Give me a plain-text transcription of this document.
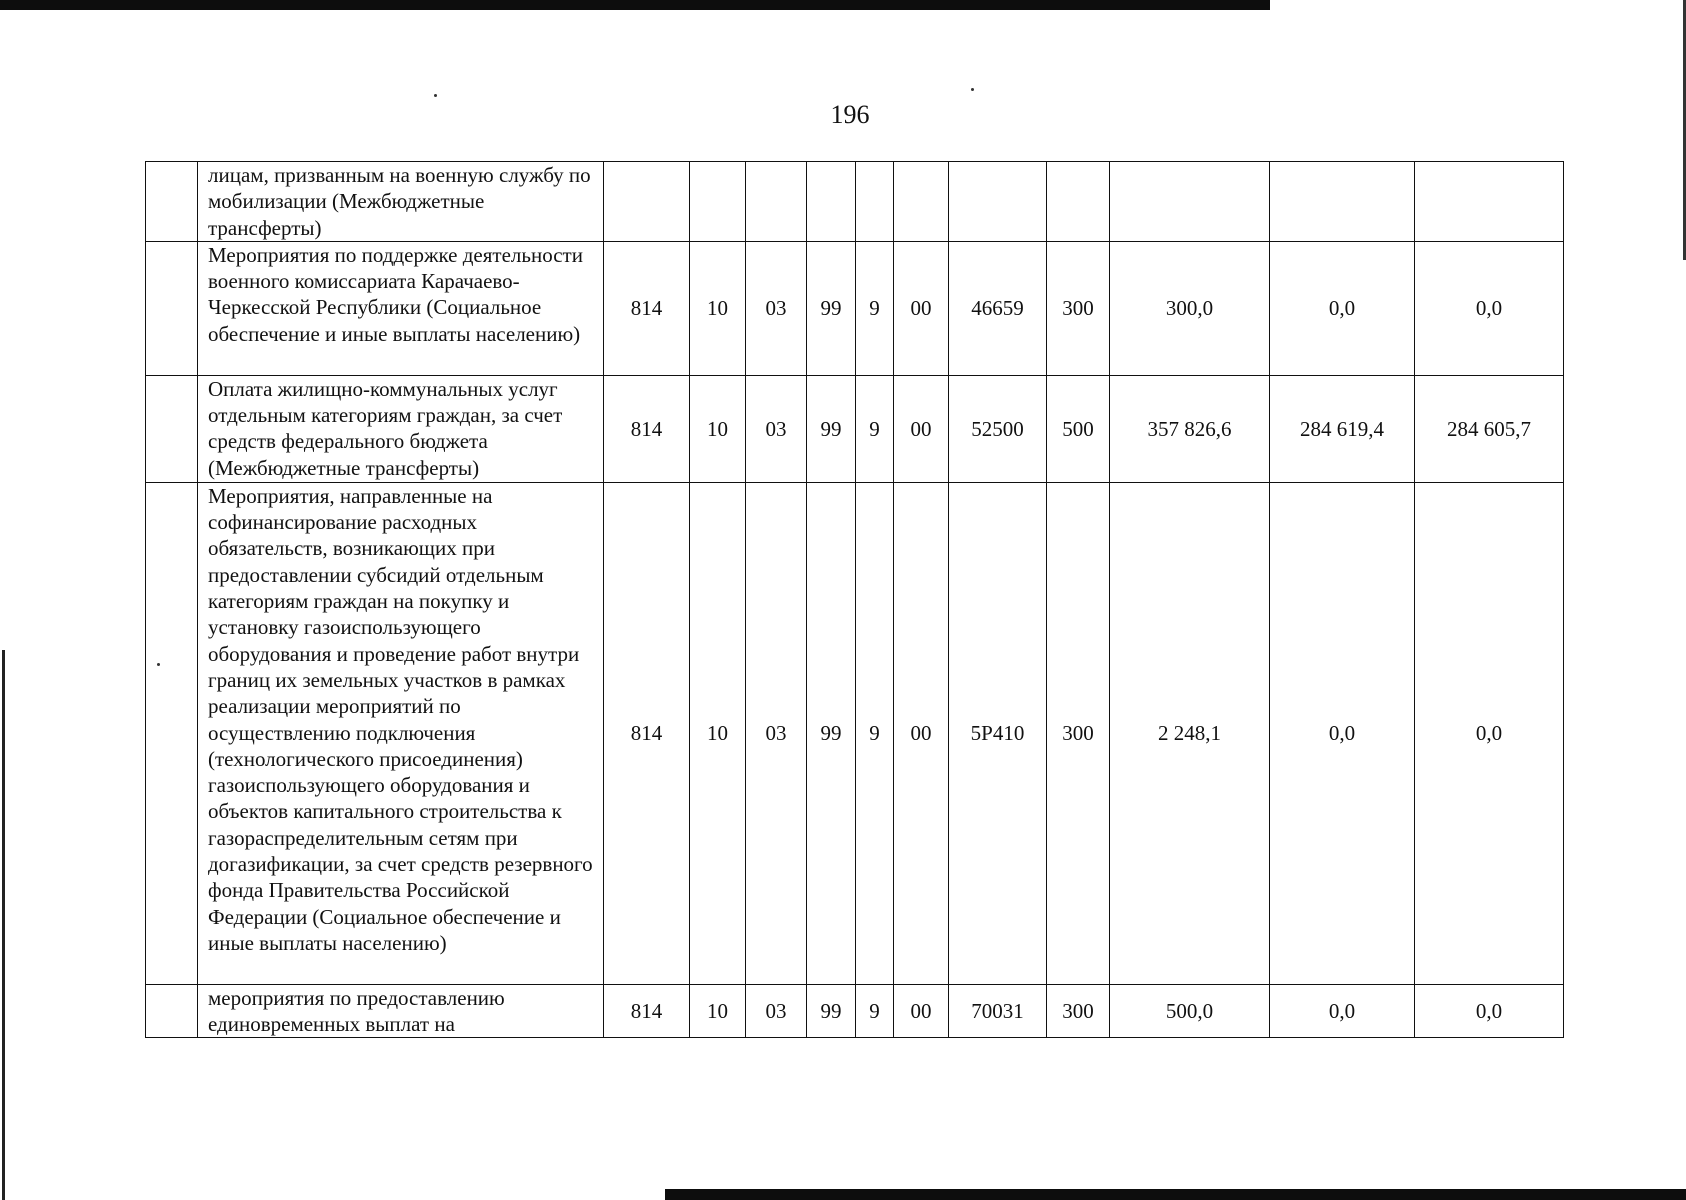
196
	лицам, призванным на военную службу по мобилизации (Межбюджетные трансферты)											
	Мероприятия по поддержке деятельности военного комиссариата Карачаево-Черкесской Республики (Социальное обеспечение и иные выплаты населению)	814	10	03	99	9	00	46659	300	300,0	0,0	0,0
	Оплата жилищно-коммунальных услуг отдельным категориям граждан, за счет средств федерального бюджета (Межбюджетные трансферты)	814	10	03	99	9	00	52500	500	357 826,6	284 619,4	284 605,7
	Мероприятия, направленные на софинансирование расходных обязательств, возникающих при предоставлении субсидий отдельным категориям граждан на покупку и установку газоиспользующего оборудования и проведение работ внутри границ их земельных участков в рамках реализации мероприятий по осуществлению подключения (технологического присоединения) газоиспользующего оборудования и объектов капитального строительства к газораспределительным сетям при догазификации, за счет средств резервного фонда Правительства Российской Федерации (Социальное обеспечение и иные выплаты населению)	814	10	03	99	9	00	5Р410	300	2 248,1	0,0	0,0
	мероприятия по предоставлению единовременных выплат на	814	10	03	99	9	00	70031	300	500,0	0,0	0,0
